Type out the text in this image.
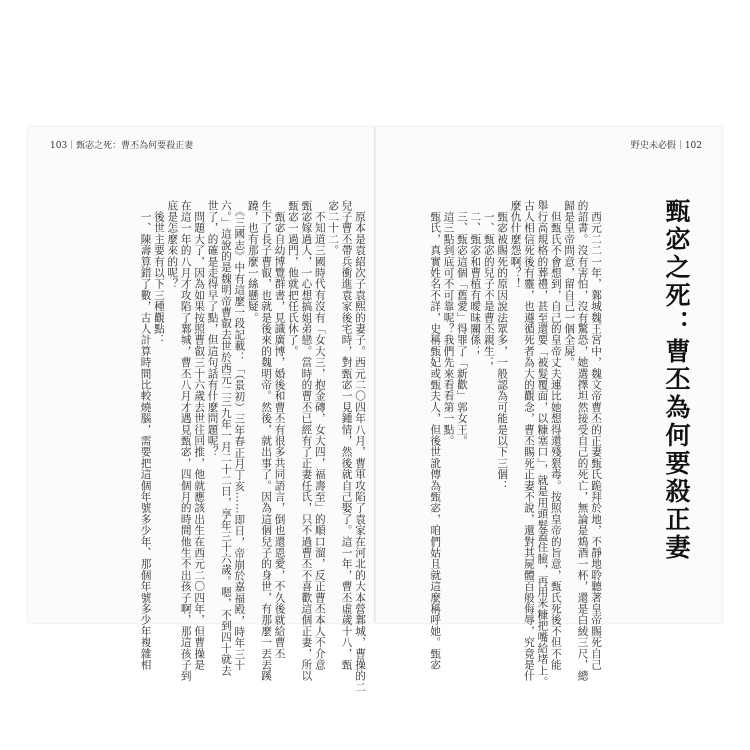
103｜甄宓之死：曹丕為何要殺正妻	野史未必假｜102
甄宓之死：曹丕為何要殺正妻
　西元二二一年，鄴城魏王宮中，魏文帝曹丕的正妻甄氏跪拜於地，不靜地聆聽著皇帝賜死自己
的詔書。沒有害怕，沒有驚恐，她選擇坦然接受自己的死亡，無論是鴆酒一杯，還是白綾三尺，總
歸是皇帝問意，留自己一個全屍。
　但甄氏不會想到，自己的皇帝丈夫連比她想得還殘狠毒。按照皇帝的旨意，甄氏死後不但不能
舉行高規格的葬禮，甚至還要「被髮覆面，以糠塞口」，就是用頭髮蓋住臉，再用米糠把嘴給堵上。
古人相信死後有靈，也遵循死者為大的觀念，曹丕賜死正妻不說，還對其屍體百般侮辱，究竟是什
麼仇什麼怨啊？！
　甄宓被賜死的原因說法眾多，一般認為可能是以下三個：
　一、甄宓的兒子不是曹丕親生；
　二、甄宓和曹植有曖昧關係；
　三、甄宓這個「舊愛」得罪了「新歡」郭女王。
　這三點到底可不可靠呢？我們先來看看第一點。
　甄氏，真實姓名不詳，史稱甄妃或甄夫人，但後世訛傳為甄宓，咱們姑且就這麼稱呼她。甄宓
　原本是袁紹次子袁熙的妻子。西元二〇四年八月，曹軍攻陷了袁家在河北的大本營鄴城，曹操的二
兒子曹丕帶兵衝進袁家後宅時，對甄宓一見鍾情，然後就自己娶了。這一年，曹丕虛歲十八，甄
宓二十二。
　不知道三國時代有沒有「女大三，抱金磚，女大四，福壽至」的順口溜，反正曹丕本人不介意
甄宓嫁過人，一心想搞姐弟戀。當時的曹丕已經有了正妻任氏，只不過曹丕不喜歡這個正妻，所以
甄宓一過門，他就把任氏休了。
　甄宓自幼博覽群書，見識廣博，婚後和曹丕有很多共同語言，倒也還恩愛，不久後就給曹丕
生下了長子曹叡，也就是後來的魏明帝。然後，就出事了。因為這個兒子的身世，有那麼一丟丟蹊
蹺，也有那麼一絲懸疑。
　《三國志》中有這麼一段記載：「（景初）三年春正月丁亥……即日，帝崩於嘉福殿，時年三十
六。」這說的是魏明帝曹叡去世於西元二三九年一月二十二日，享年三十六歲。嗯，不到四十就去
世了，的確是走得早了點，但這句話有什麼問題呢？
　問題大了，因為如果按照曹叡三十六歲去世往回推，他就應該出生在西元二〇四年，但曹操是
在這一年的八月才攻陷了鄴城，曹丕八月才遇見甄宓，四個月的時間他生不出孩子啊，那這孩子到
底是怎麼來的呢？
　後世主要有以下三種觀點：
　一、陳壽算錯了數，古人計算時間比較燒腦，需要把這個年號多少年、那個年號多少年複雜相
